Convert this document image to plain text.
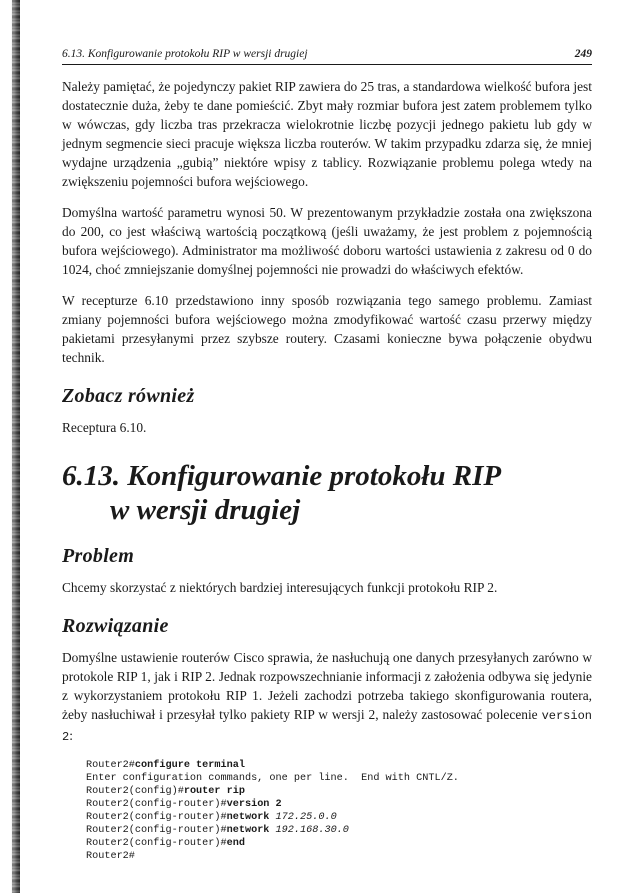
6.13. Konfigurowanie protokołu RIP w wersji drugiej	249

Należy pamiętać, że pojedynczy pakiet RIP zawiera do 25 tras, a standardowa wielkość bufora jest dostatecznie duża, żeby te dane pomieścić. Zbyt mały rozmiar bufora jest zatem problemem tylko w wówczas, gdy liczba tras przekracza wielokrotnie liczbę pozycji jednego pakietu lub gdy w jednym segmencie sieci pracuje większa liczba routerów. W takim przypadku zdarza się, że mniej wydajne urządzenia „gubią” niektóre wpisy z tablicy. Rozwiązanie problemu polega wtedy na zwiększeniu pojemności bufora wejściowego.

Domyślna wartość parametru wynosi 50. W prezentowanym przykładzie została ona zwiększona do 200, co jest właściwą wartością początkową (jeśli uważamy, że jest problem z pojemnością bufora wejściowego). Administrator ma możliwość doboru wartości ustawienia z zakresu od 0 do 1024, choć zmniejszanie domyślnej pojemności nie prowadzi do właściwych efektów.

W recepturze 6.10 przedstawiono inny sposób rozwiązania tego samego problemu. Zamiast zmiany pojemności bufora wejściowego można zmodyfikować wartość czasu przerwy między pakietami przesyłanymi przez szybsze routery. Czasami konieczne bywa połączenie obydwu technik.

Zobacz również

Receptura 6.10.

6.13. Konfigurowanie protokołu RIP
w wersji drugiej
Problem

Chcemy skorzystać z niektórych bardziej interesujących funkcji protokołu RIP 2.

Rozwiązanie

Domyślne ustawienie routerów Cisco sprawia, że nasłuchują one danych przesyłanych zarówno w protokole RIP 1, jak i RIP 2. Jednak rozpowszechnianie informacji z założenia odbywa się jedynie z wykorzystaniem protokołu RIP 1. Jeżeli zachodzi potrzeba takiego skonfigurowania routera, żeby nasłuchiwał i przesyłał tylko pakiety RIP w wersji 2, należy zastosować polecenie version 2:

Router2#configure terminal
Enter configuration commands, one per line.  End with CNTL/Z.
Router2(config)#router rip
Router2(config-router)#version 2
Router2(config-router)#network 172.25.0.0
Router2(config-router)#network 192.168.30.0
Router2(config-router)#end
Router2#
